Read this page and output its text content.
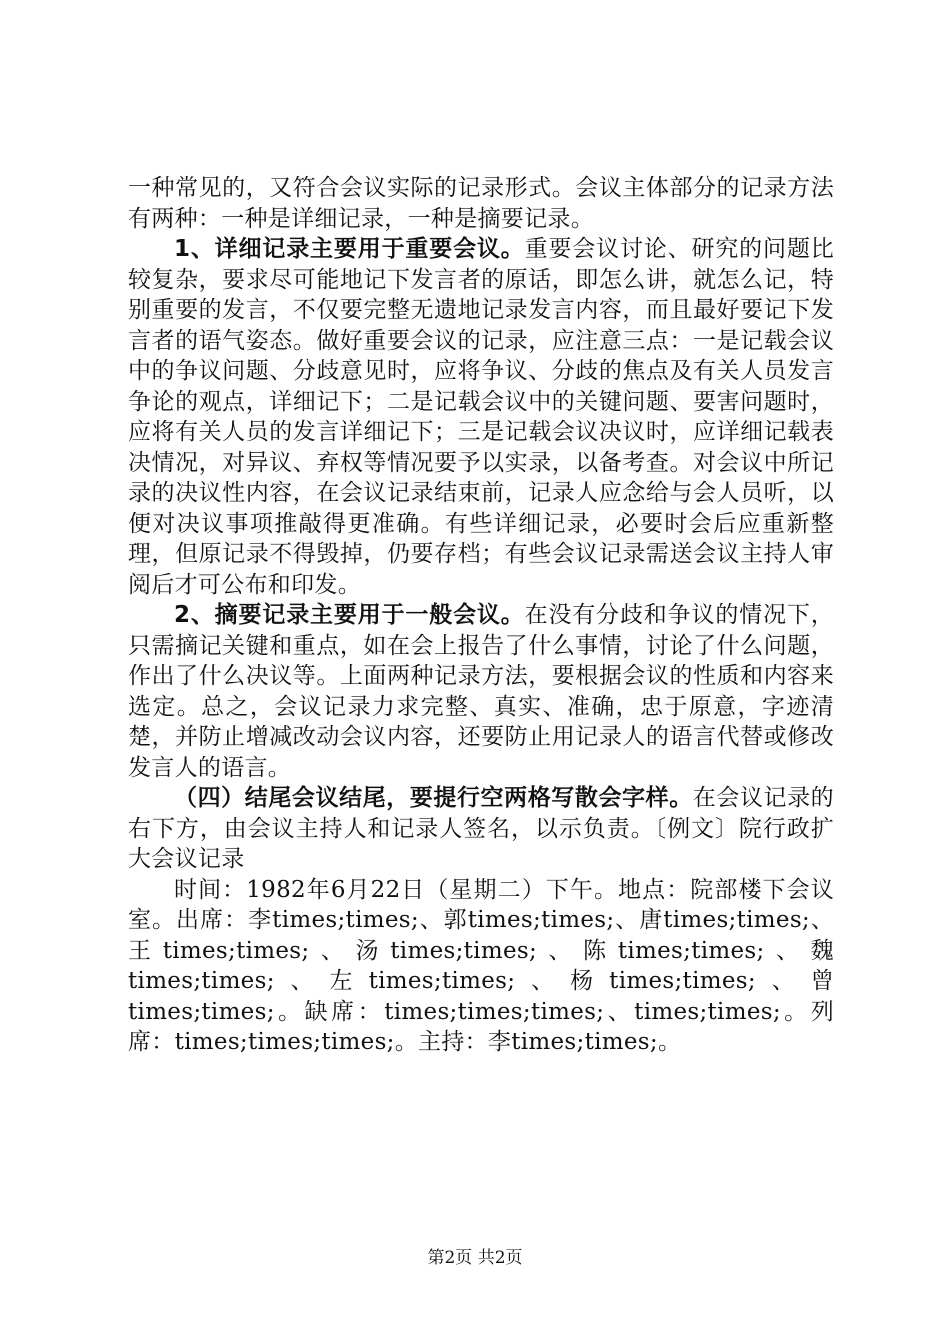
一种常见的，又符合会议实际的记录形式。会议主体部分的记录方法有两种：一种是详细记录，一种是摘要记录。

1、详细记录主要用于重要会议。重要会议讨论、研究的问题比较复杂，要求尽可能地记下发言者的原话，即怎么讲，就怎么记，特别重要的发言，不仅要完整无遗地记录发言内容，而且最好要记下发言者的语气姿态。做好重要会议的记录，应注意三点：一是记载会议中的争议问题、分歧意见时，应将争议、分歧的焦点及有关人员发言争论的观点，详细记下；二是记载会议中的关键问题、要害问题时，应将有关人员的发言详细记下；三是记载会议决议时，应详细记载表决情况，对异议、弃权等情况要予以实录，以备考查。对会议中所记录的决议性内容，在会议记录结束前，记录人应念给与会人员听，以便对决议事项推敲得更准确。有些详细记录，必要时会后应重新整理，但原记录不得毁掉，仍要存档；有些会议记录需送会议主持人审阅后才可公布和印发。

2、摘要记录主要用于一般会议。在没有分歧和争议的情况下，只需摘记关键和重点，如在会上报告了什么事情，讨论了什么问题，作出了什么决议等。上面两种记录方法，要根据会议的性质和内容来选定。总之，会议记录力求完整、真实、准确，忠于原意，字迹清楚，并防止增减改动会议内容，还要防止用记录人的语言代替或修改发言人的语言。

（四）结尾会议结尾，要提行空两格写散会字样。在会议记录的右下方，由会议主持人和记录人签名，以示负责。〔例文〕院行政扩大会议记录

时间：1982年6月22日（星期二）下午。地点：院部楼下会议室。出席：李times;times;、郭times;times;、唐times;times;、王times;times;、汤times;times;、陈times;times;、魏times;times;、左times;times;、杨times;times;、曾times;times;。缺席：times;times;times;、times;times;。列席：times;times;times;。主持：李times;times;。

第2页 共2页
